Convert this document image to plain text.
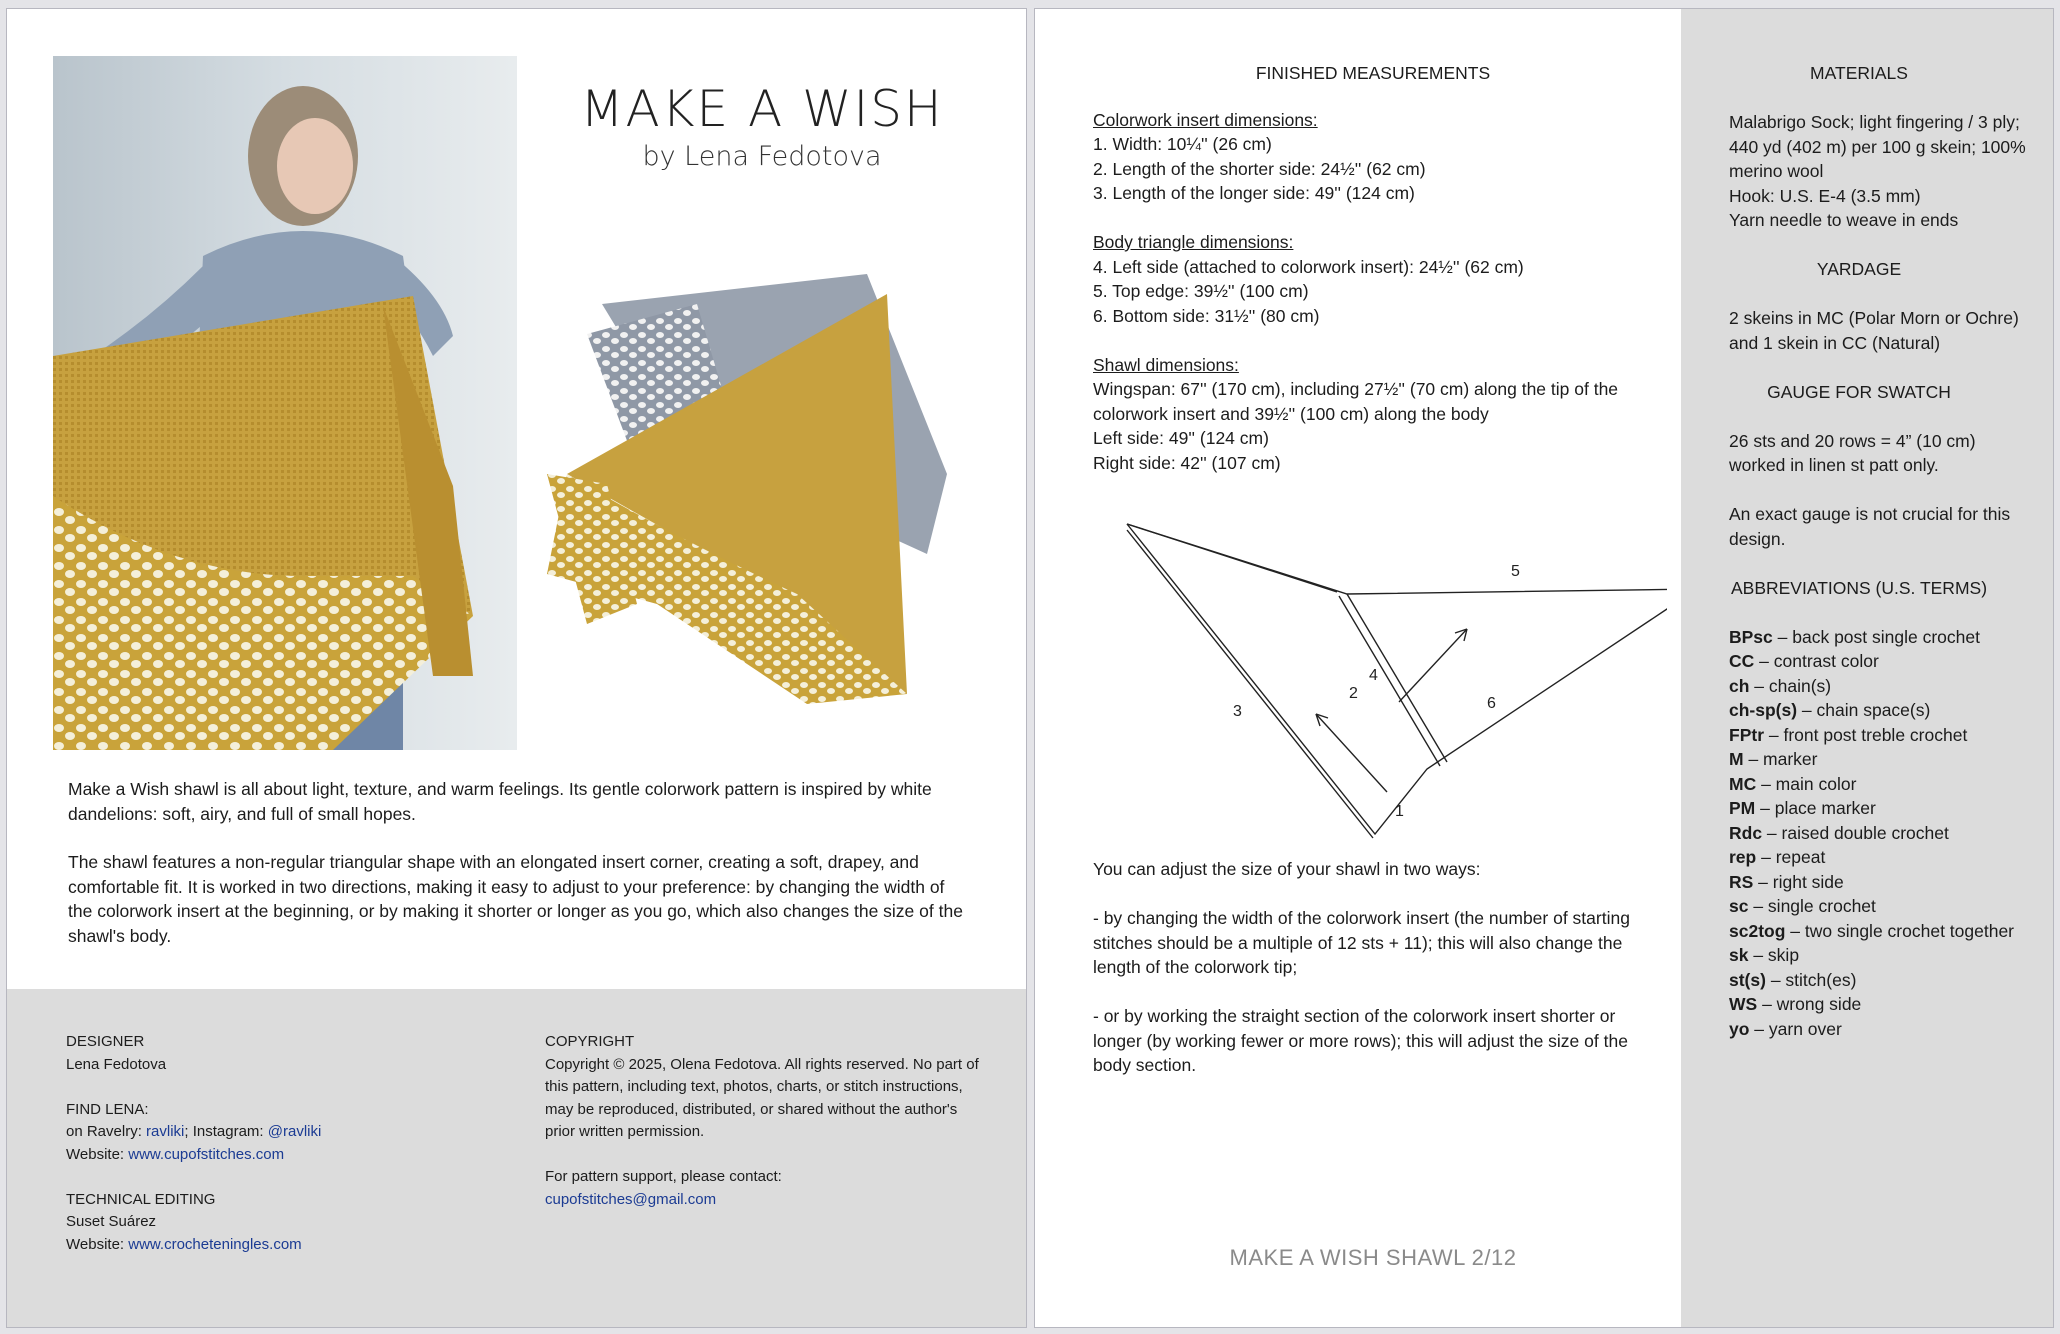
MAKE A WISH
by Lena Fedotova

Make a Wish shawl is all about light, texture, and warm feelings. Its gentle colorwork pattern is inspired by white dandelions: soft, airy, and full of small hopes.

The shawl features a non-regular triangular shape with an elongated insert corner, creating a soft, drapey, and comfortable fit. It is worked in two directions, making it easy to adjust to your preference: by changing the width of the colorwork insert at the beginning, or by making it shorter or longer as you go, which also changes the size of the shawl's body.

DESIGNER
Lena Fedotova
FIND LENA:
on Ravelry: ravliki; Instagram: @ravliki
Website: www.cupofstitches.com
TECHNICAL EDITING
Suset Suárez
Website: www.crocheteningles.com
COPYRIGHT
Copyright © 2025, Olena Fedotova. All rights reserved. No part of this pattern, including text, photos, charts, or stitch instructions, may be reproduced, distributed, or shared without the author's prior written permission.
For pattern support, please contact:
cupofstitches@gmail.com
FINISHED MEASUREMENTS

Colorwork insert dimensions:

1. Width: 10¼'' (26 cm)

2. Length of the shorter side: 24½'' (62 cm)

3. Length of the longer side: 49'' (124 cm)

Body triangle dimensions:

4. Left side (attached to colorwork insert): 24½'' (62 cm)

5. Top edge: 39½'' (100 cm)

6. Bottom side: 31½'' (80 cm)

Shawl dimensions:

Wingspan: 67'' (170 cm), including 27½'' (70 cm) along the tip of the colorwork insert and 39½'' (100 cm) along the body

Left side: 49'' (124 cm)

Right side: 42'' (107 cm)

1
2
3
4
5
6

You can adjust the size of your shawl in two ways:

- by changing the width of the colorwork insert (the number of starting stitches should be a multiple of 12 sts + 11); this will also change the length of the colorwork tip;

- or by working the straight section of the colorwork insert shorter or longer (by working fewer or more rows); this will adjust the size of the body section.

MAKE A WISH SHAWL 2/12
MATERIALS

Malabrigo Sock; light fingering / 3 ply; 440 yd (402 m) per 100 g skein; 100% merino wool
Hook: U.S. E-4 (3.5 mm)
Yarn needle to weave in ends

YARDAGE

2 skeins in MC (Polar Morn or Ochre) and 1 skein in CC (Natural)

GAUGE FOR SWATCH

26 sts and 20 rows = 4” (10 cm) worked in linen st patt only.

An exact gauge is not crucial for this design.

ABBREVIATIONS (U.S. TERMS)
BPsc – back post single crochet
CC – contrast color
ch – chain(s)
ch-sp(s) – chain space(s)
FPtr – front post treble crochet
M – marker
MC – main color
PM – place marker
Rdc – raised double crochet
rep – repeat
RS – right side
sc – single crochet
sc2tog – two single crochet together
sk – skip
st(s) – stitch(es)
WS – wrong side
yo – yarn over
